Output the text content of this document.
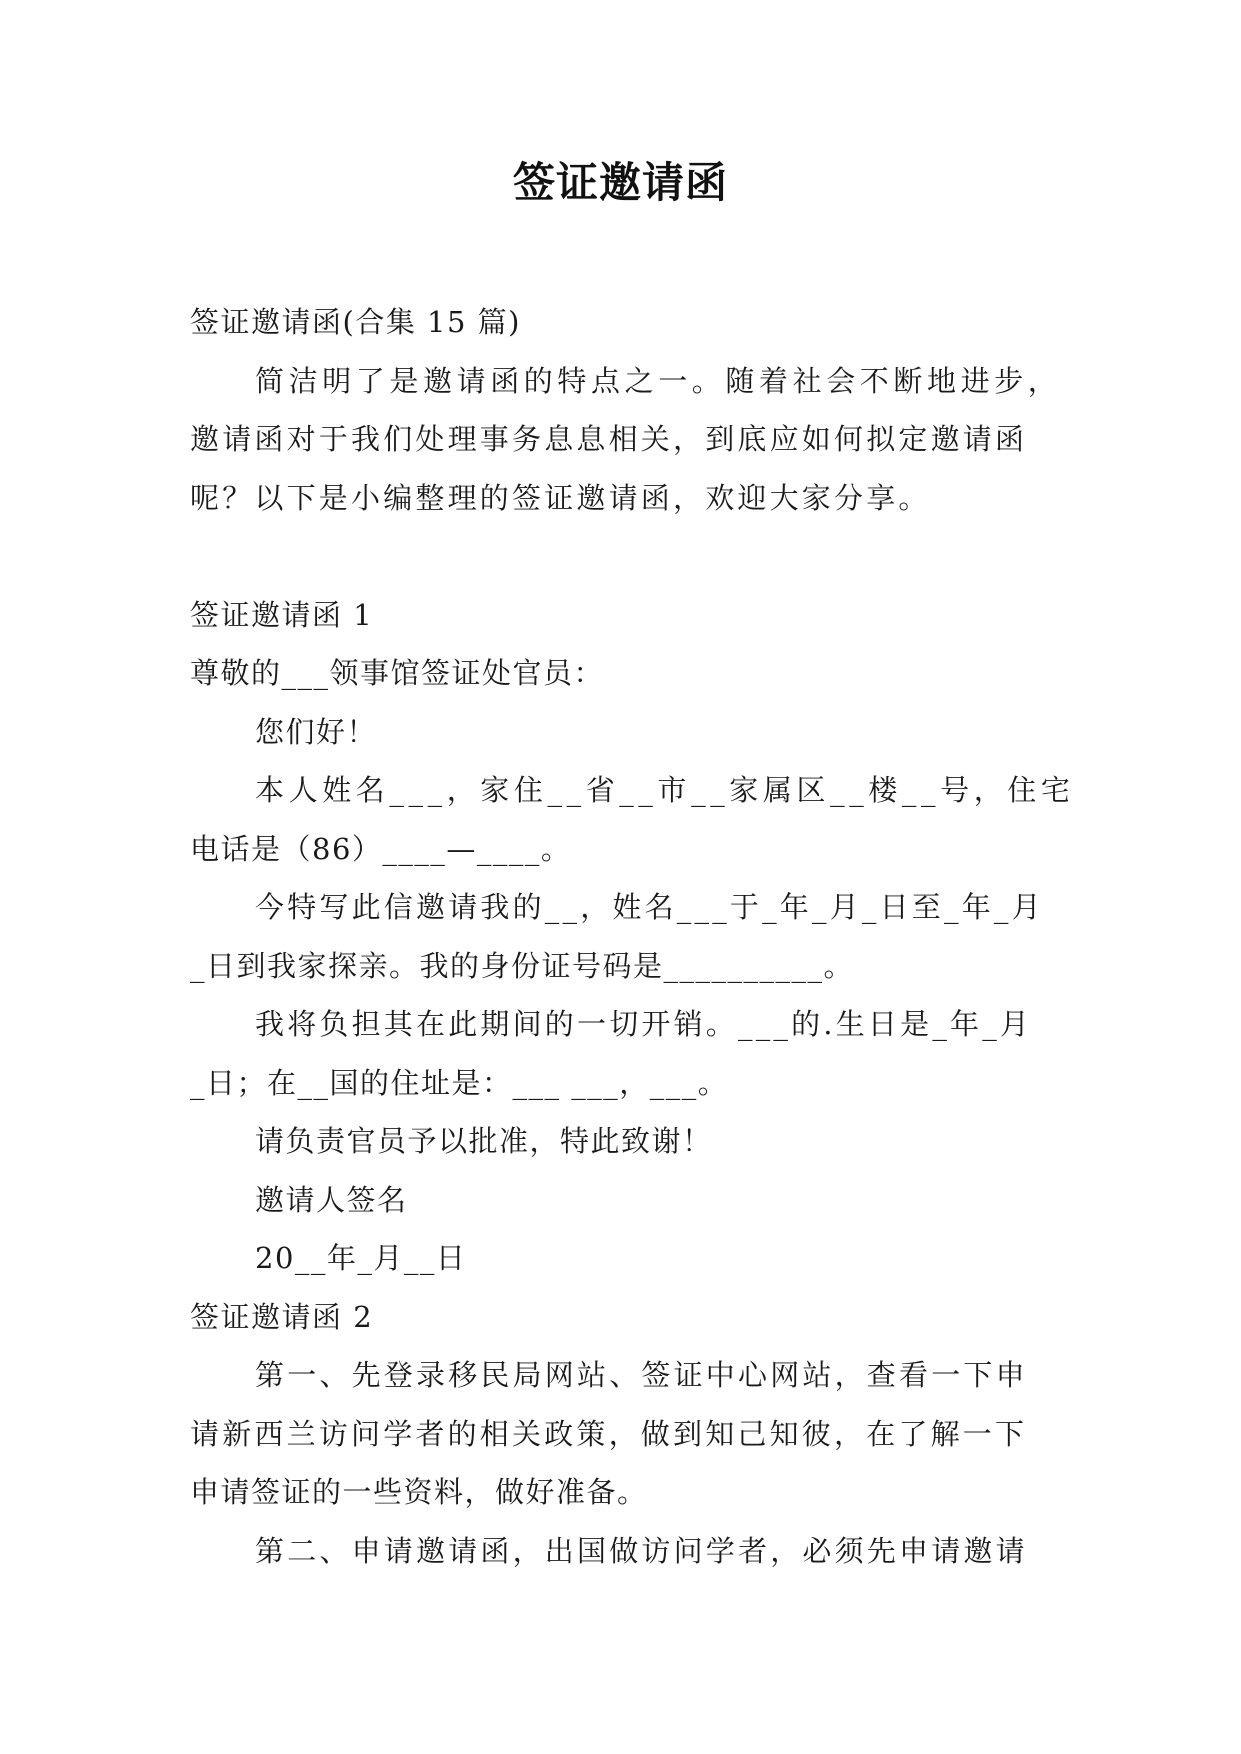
签证邀请函
签证邀请函(合集 15 篇)
简洁明了是邀请函的特点之一。随着社会不断地进步，
邀请函对于我们处理事务息息相关，到底应如何拟定邀请函
呢？以下是小编整理的签证邀请函，欢迎大家分享。
签证邀请函 1
尊敬的___领事馆签证处官员：
您们好！
本人姓名___，家住__省__市__家属区__楼__号，住宅
电话是（86）____—____。
今特写此信邀请我的__，姓名___于_年_月_日至_年_月
_日到我家探亲。我的身份证号码是__________。
我将负担其在此期间的一切开销。___的.生日是_年_月
_日；在__国的住址是：___ ___，___。
请负责官员予以批准，特此致谢！
邀请人签名
20__年_月__日
签证邀请函 2
第一、先登录移民局网站、签证中心网站，查看一下申
请新西兰访问学者的相关政策，做到知己知彼，在了解一下
申请签证的一些资料，做好准备。
第二、申请邀请函，出国做访问学者，必须先申请邀请
